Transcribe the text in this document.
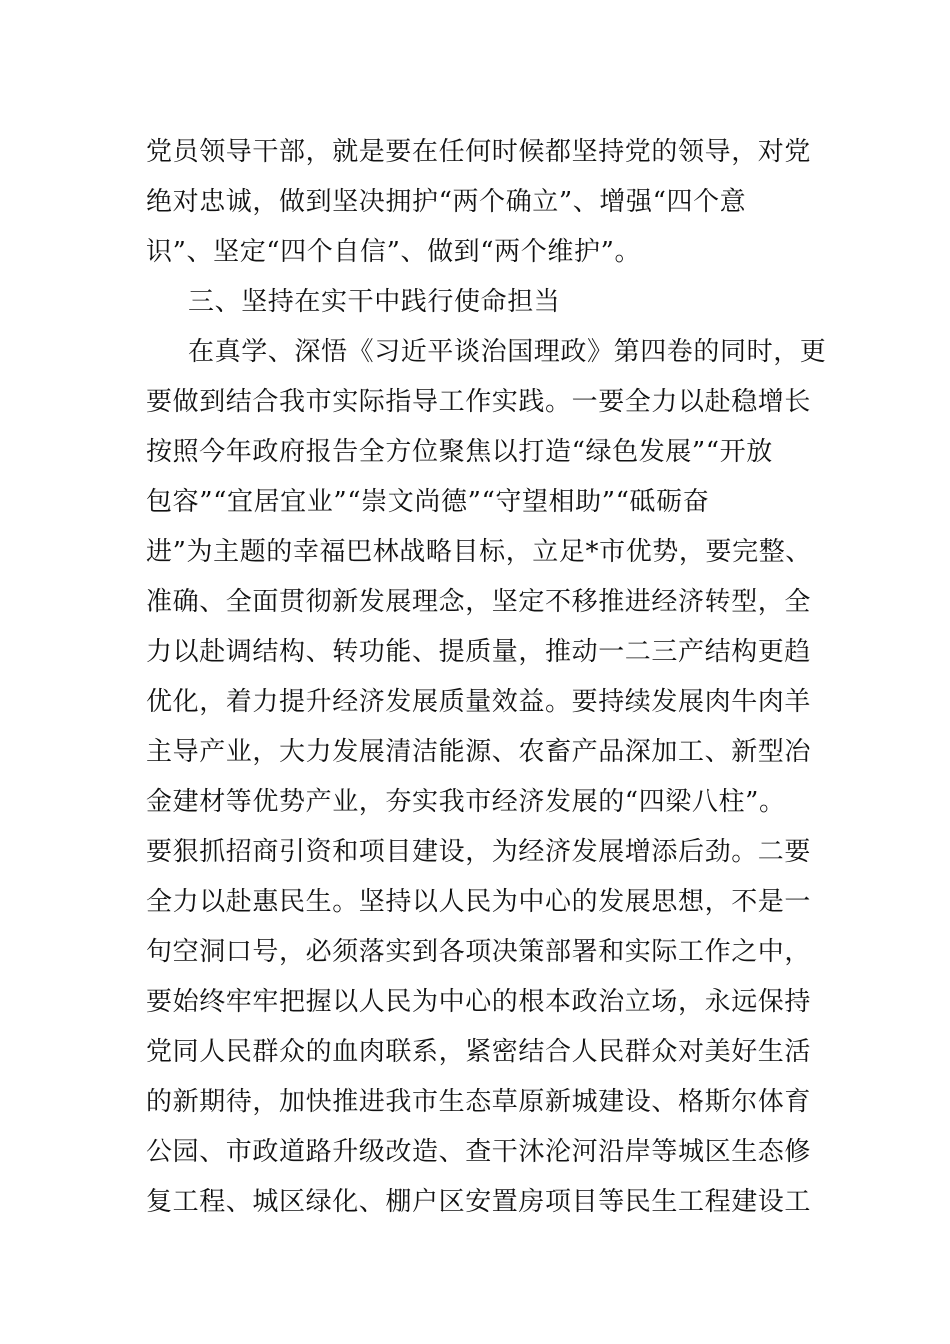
党员领导干部，就是要在任何时候都坚持党的领导，对党
绝对忠诚，做到坚决拥护“两个确立”、增强“四个意
识”、坚定“四个自信”、做到“两个维护”。
三、坚持在实干中践行使命担当
在真学、深悟《习近平谈治国理政》第四卷的同时，更
要做到结合我市实际指导工作实践。一要全力以赴稳增长
按照今年政府报告全方位聚焦以打造“绿色发展”“开放
包容”“宜居宜业”“崇文尚德”“守望相助”“砥砺奋
进”为主题的幸福巴林战略目标，立足*市优势，要完整、
准确、全面贯彻新发展理念，坚定不移推进经济转型，全
力以赴调结构、转功能、提质量，推动一二三产结构更趋
优化，着力提升经济发展质量效益。要持续发展肉牛肉羊
主导产业，大力发展清洁能源、农畜产品深加工、新型冶
金建材等优势产业，夯实我市经济发展的“四梁八柱”。
要狠抓招商引资和项目建设，为经济发展增添后劲。二要
全力以赴惠民生。坚持以人民为中心的发展思想，不是一
句空洞口号，必须落实到各项决策部署和实际工作之中，
要始终牢牢把握以人民为中心的根本政治立场，永远保持
党同人民群众的血肉联系，紧密结合人民群众对美好生活
的新期待，加快推进我市生态草原新城建设、格斯尔体育
公园、市政道路升级改造、查干沐沦河沿岸等城区生态修
复工程、城区绿化、棚户区安置房项目等民生工程建设工
